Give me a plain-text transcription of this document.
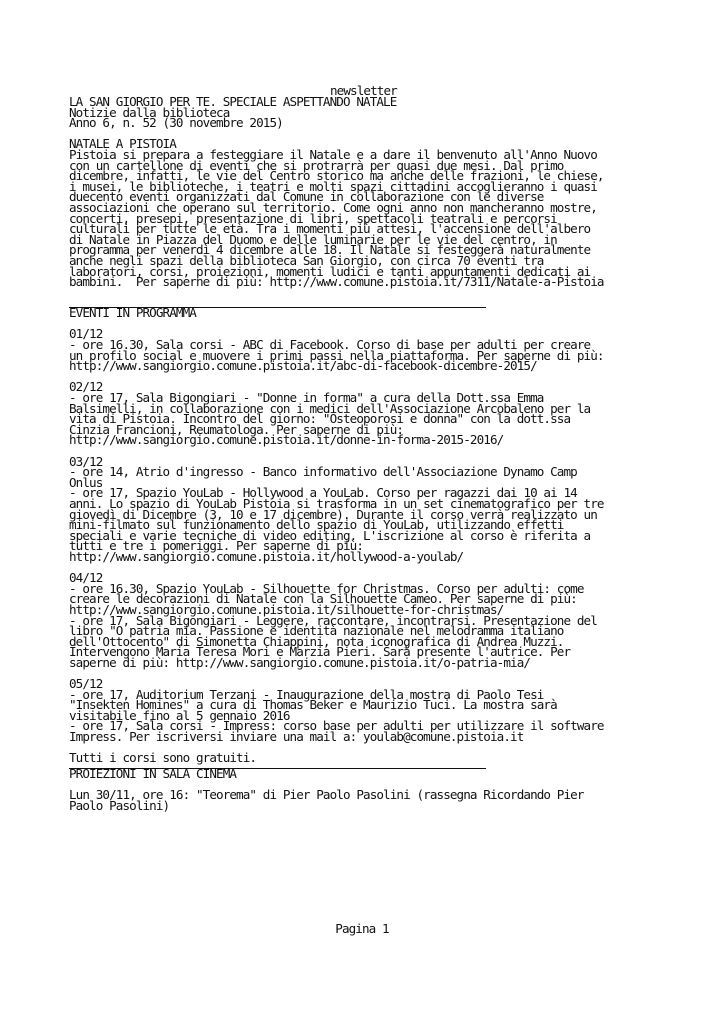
newsletter
LA SAN GIORGIO PER TE. SPECIALE ASPETTANDO NATALE
Notizie dalla biblioteca
Anno 6, n. 52 (30 novembre 2015)
NATALE A PISTOIA
Pistoia si prepara a festeggiare il Natale e a dare il benvenuto all'Anno Nuovo
con un cartellone di eventi che si protrarrà per quasi due mesi. Dal primo
dicembre, infatti, le vie del Centro storico ma anche delle frazioni, le chiese,
i musei, le biblioteche, i teatri e molti spazi cittadini accoglieranno i quasi
duecento eventi organizzati dal Comune in collaborazione con le diverse
associazioni che operano sul territorio. Come ogni anno non mancheranno mostre,
concerti, presepi, presentazione di libri, spettacoli teatrali e percorsi
culturali per tutte le età. Tra i momenti più attesi, l'accensione dell'albero
di Natale in Piazza del Duomo e delle luminarie per le vie del centro, in
programma per venerdì 4 dicembre alle 18. Il Natale si festeggerà naturalmente
anche negli spazi della biblioteca San Giorgio, con circa 70 eventi tra
laboratori, corsi, proiezioni, momenti ludici e tanti appuntamenti dedicati ai
bambini.  Per saperne di più: http://www.comune.pistoia.it/7311/Natale-a-Pistoia
EVENTI IN PROGRAMMA
01/12
- ore 16.30, Sala corsi - ABC di Facebook. Corso di base per adulti per creare
un profilo social e muovere i primi passi nella piattaforma. Per saperne di più:
http://www.sangiorgio.comune.pistoia.it/abc-di-facebook-dicembre-2015/
02/12
- ore 17, Sala Bigongiari - "Donne in forma" a cura della Dott.ssa Emma
Balsimelli, in collaborazione con i medici dell'Associazione Arcobaleno per la
vita di Pistoia. Incontro del giorno: "Osteoporosi e donna" con la dott.ssa
Cinzia Francioni, Reumatologa. Per saperne di più:
http://www.sangiorgio.comune.pistoia.it/donne-in-forma-2015-2016/
03/12
- ore 14, Atrio d'ingresso - Banco informativo dell'Associazione Dynamo Camp
Onlus
- ore 17, Spazio YouLab - Hollywood a YouLab. Corso per ragazzi dai 10 ai 14
anni. Lo spazio di YouLab Pistoia si trasforma in un set cinematografico per tre
giovedì di Dicembre (3, 10 e 17 dicembre). Durante il corso verrà realizzato un
mini-filmato sul funzionamento dello spazio di YouLab, utilizzando effetti
speciali e varie tecniche di video editing. L'iscrizione al corso è riferita a
tutti e tre i pomeriggi. Per saperne di più:
http://www.sangiorgio.comune.pistoia.it/hollywood-a-youlab/
04/12
- ore 16.30, Spazio YouLab - Silhouette for Christmas. Corso per adulti: come
creare le decorazioni di Natale con la Silhouette Cameo. Per saperne di più:
http://www.sangiorgio.comune.pistoia.it/silhouette-for-christmas/
- ore 17, Sala Bigongiari - Leggere, raccontare, incontrarsi. Presentazione del
libro "O patria mia. Passione e identità nazionale nel melodramma italiano
dell'Ottocento" di Simonetta Chiappini, nota iconografica di Andrea Muzzi.
Intervengono Maria Teresa Mori e Marzia Pieri. Sarà presente l'autrice. Per
saperne di più: http://www.sangiorgio.comune.pistoia.it/o-patria-mia/
05/12
- ore 17, Auditorium Terzani - Inaugurazione della mostra di Paolo Tesi
"Insekten Homines" a cura di Thomas Beker e Maurizio Tuci. La mostra sarà
visitabile fino al 5 gennaio 2016
- ore 17, Sala corsi - Impress: corso base per adulti per utilizzare il software
Impress. Per iscriversi inviare una mail a: youlab@comune.pistoia.it
Tutti i corsi sono gratuiti.
PROIEZIONI IN SALA CINEMA
Lun 30/11, ore 16: "Teorema" di Pier Paolo Pasolini (rassegna Ricordando Pier
Paolo Pasolini)
Pagina 1
